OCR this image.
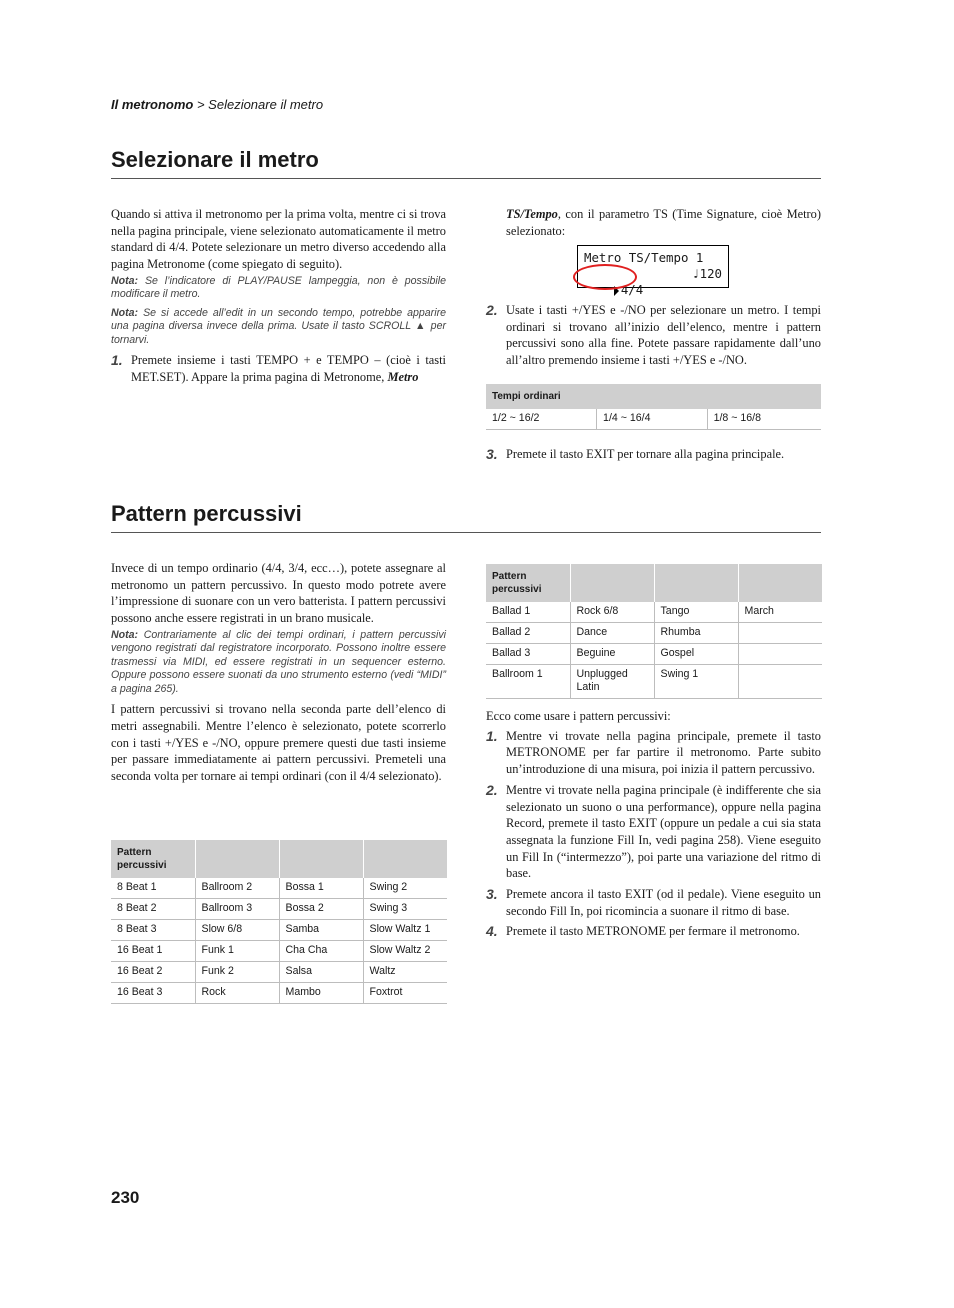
Il metronomo > Selezionare il metro
Selezionare il metro

Quando si attiva il metronomo per la prima volta, mentre ci si trova nella pagina principale, viene selezionato automaticamente il metro standard di 4/4. Potete selezionare un metro diverso accedendo alla pagina Metronome (come spiegato di seguito).

Nota: Se l’indicatore di PLAY/PAUSE lampeggia, non è possibile modificare il metro.
Nota: Se si accede all’edit in un secondo tempo, potrebbe apparire una pagina diversa invece della prima. Usate il tasto SCROLL ▲ per tornarvi.
1. Premete insieme i tasti TEMPO + e TEMPO – (cioè i tasti MET.SET). Appare la prima pagina di Metronome, Metro
TS/Tempo, con il parametro TS (Time Signature, cioè Metro) selezionato:
Metro TS/Tempo 1

4/4

♩120

2. Usate i tasti +/YES e -/NO per selezionare un metro. I tempi ordinari si trovano all’inizio dell’elenco, mentre i pattern percussivi sono alla fine. Potete passare rapidamente dall’uno all’altro premendo insieme i tasti +/YES e -/NO.
Tempi ordinari
1/2 ~ 16/2	1/4 ~ 16/4	1/8 ~ 16/8
3. Premete il tasto EXIT per tornare alla pagina principale.
Pattern percussivi

Invece di un tempo ordinario (4/4, 3/4, ecc…), potete assegnare al metronomo un pattern percussivo. In questo modo potrete avere l’impressione di suonare con un vero batterista. I pattern percussivi possono anche essere registrati in un brano musicale.

Nota: Contrariamente al clic dei tempi ordinari, i pattern percussivi vengono registrati dal registratore incorporato. Possono inoltre essere trasmessi via MIDI, ed essere registrati in un sequencer esterno. Oppure possono essere suonati da uno strumento esterno (vedi “MIDI” a pagina 265).

I pattern percussivi si trovano nella seconda parte dell’elenco di metri assegnabili. Mentre l’elenco è selezionato, potete scorrerlo con i tasti +/YES e -/NO, oppure premere questi due tasti insieme per passare immediatamente ai pattern percussivi. Premeteli una seconda volta per tornare ai tempi ordinari (con il 4/4 selezionato).

Pattern percussivi			
8 Beat 1	Ballroom 2	Bossa 1	Swing 2
8 Beat 2	Ballroom 3	Bossa 2	Swing 3
8 Beat 3	Slow 6/8	Samba	Slow Waltz 1
16 Beat 1	Funk 1	Cha Cha	Slow Waltz 2
16 Beat 2	Funk 2	Salsa	Waltz
16 Beat 3	Rock	Mambo	Foxtrot
Pattern percussivi			
Ballad 1	Rock 6/8	Tango	March
Ballad 2	Dance	Rhumba	
Ballad 3	Beguine	Gospel	
Ballroom 1	Unplugged Latin	Swing 1	

Ecco come usare i pattern percussivi:

1. Mentre vi trovate nella pagina principale, premete il tasto METRONOME per far partire il metronomo. Parte subito un’introduzione di una misura, poi inizia il pattern percussivo.
2. Mentre vi trovate nella pagina principale (è indifferente che sia selezionato un suono o una performance), oppure nella pagina Record, premete il tasto EXIT (oppure un pedale a cui sia stata assegnata la funzione Fill In, vedi pagina 258). Viene eseguito un Fill In (“intermezzo”), poi parte una variazione del ritmo di base.
3. Premete ancora il tasto EXIT (od il pedale). Viene eseguito un secondo Fill In, poi ricomincia a suonare il ritmo di base.
4. Premete il tasto METRONOME per fermare il metronomo.
230
